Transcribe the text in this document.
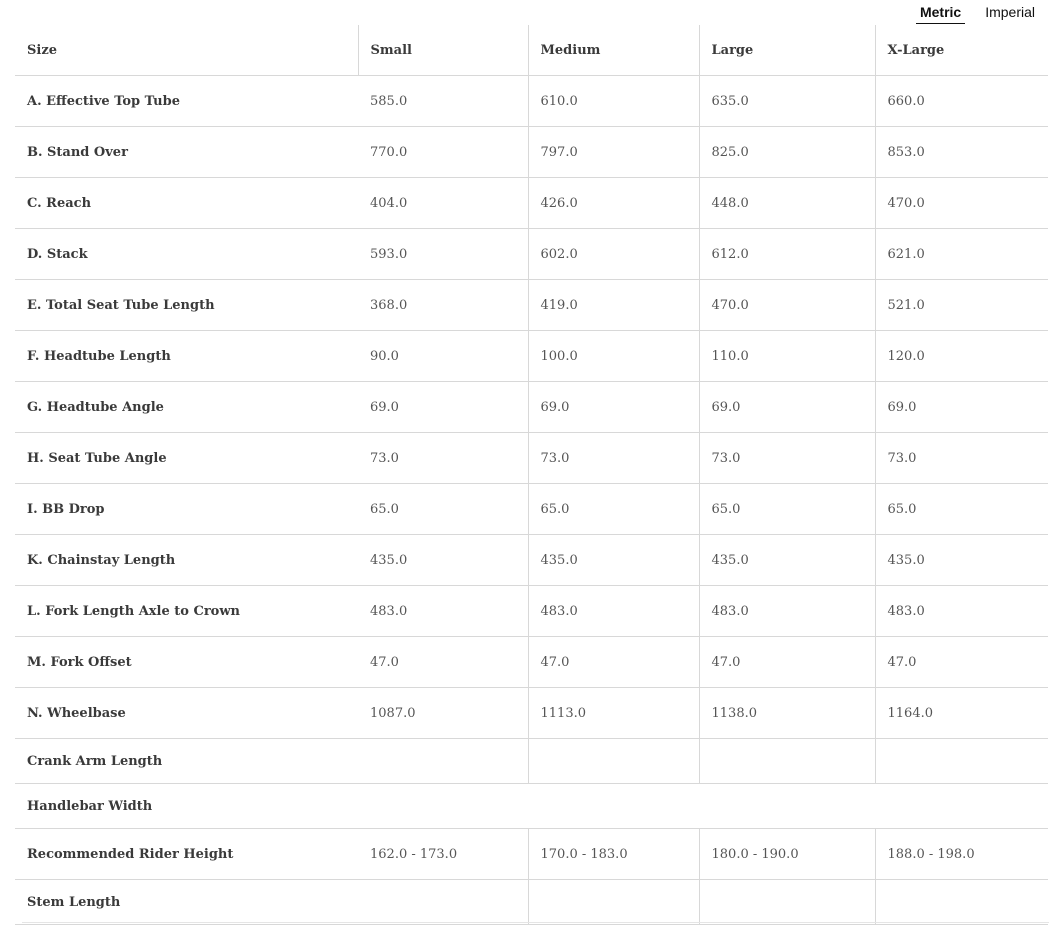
Metric Imperial
Size	Small	Medium	Large	X-Large
A. Effective Top Tube	585.0	610.0	635.0	660.0
B. Stand Over	770.0	797.0	825.0	853.0
C. Reach	404.0	426.0	448.0	470.0
D. Stack	593.0	602.0	612.0	621.0
E. Total Seat Tube Length	368.0	419.0	470.0	521.0
F. Headtube Length	90.0	100.0	110.0	120.0
G. Headtube Angle	69.0	69.0	69.0	69.0
H. Seat Tube Angle	73.0	73.0	73.0	73.0
I. BB Drop	65.0	65.0	65.0	65.0
K. Chainstay Length	435.0	435.0	435.0	435.0
L. Fork Length Axle to Crown	483.0	483.0	483.0	483.0
M. Fork Offset	47.0	47.0	47.0	47.0
N. Wheelbase	1087.0	1113.0	1138.0	1164.0
Crank Arm Length				
Handlebar Width				
Recommended Rider Height	162.0 - 173.0	170.0 - 183.0	180.0 - 190.0	188.0 - 198.0
Stem Length				
